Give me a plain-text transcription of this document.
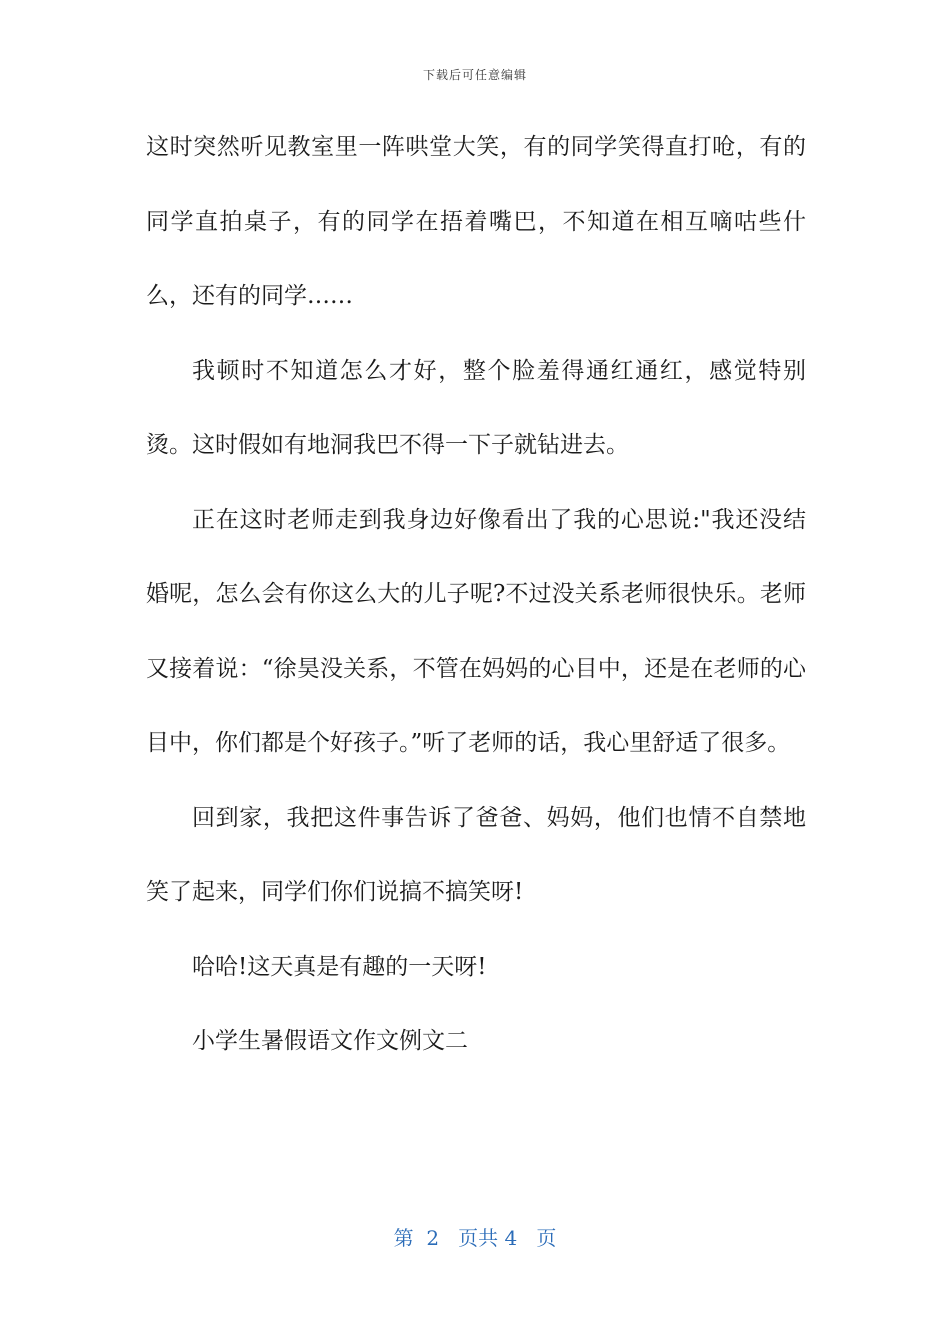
下载后可任意编辑

这时突然听见教室里一阵哄堂大笑，有的同学笑得直打呛，有的同学直拍桌子，有的同学在捂着嘴巴，不知道在相互嘀咕些什么，还有的同学……

我顿时不知道怎么才好，整个脸羞得通红通红，感觉特别烫。这时假如有地洞我巴不得一下子就钻进去。

正在这时老师走到我身边好像看出了我的心思说:"我还没结婚呢，怎么会有你这么大的儿子呢?不过没关系老师很快乐。老师又接着说：“徐昊没关系，不管在妈妈的心目中，还是在老师的心目中，你们都是个好孩子。”听了老师的话，我心里舒适了很多。

回到家，我把这件事告诉了爸爸、妈妈，他们也情不自禁地笑了起来，同学们你们说搞不搞笑呀!

哈哈!这天真是有趣的一天呀!

小学生暑假语文作文例文二

第  2   页共 4   页
